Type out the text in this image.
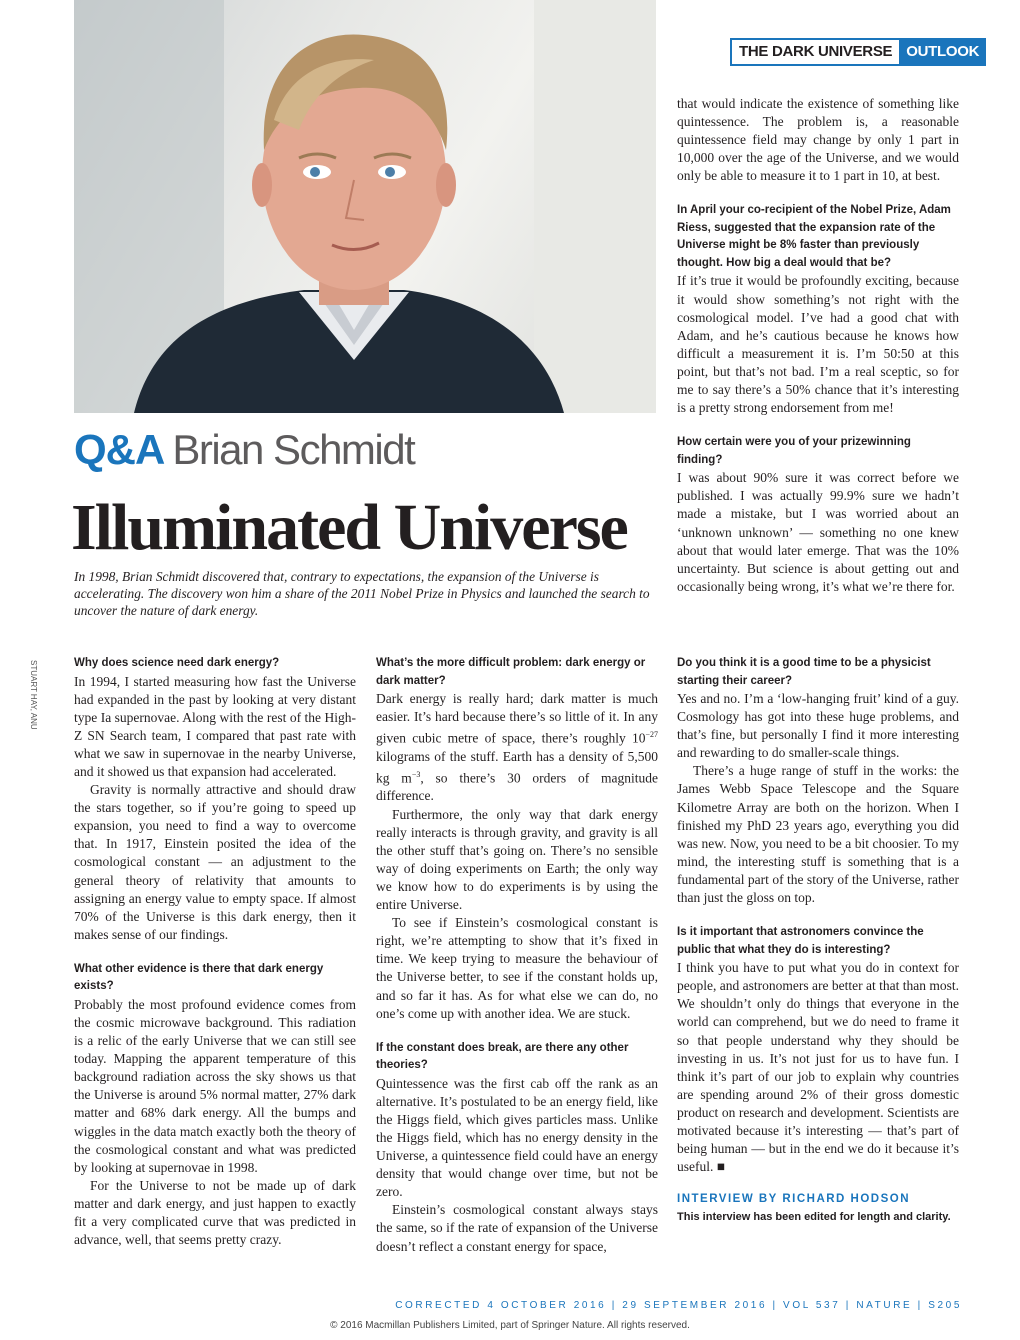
THE DARK UNIVERSE OUTLOOK
Q&A Brian Schmidt
Illuminated Universe
In 1998, Brian Schmidt discovered that, contrary to expectations, the expansion of the Universe is accelerating. The discovery won him a share of the 2011 Nobel Prize in Physics and launched the search to uncover the nature of dark energy.
STUART HAY, ANU	Why does science need dark energy?

In 1994, I started measuring how fast the Universe had expanded in the past by looking at very distant type Ia supernovae. Along with the rest of the High-Z SN Search team, I compared that past rate with what we saw in supernovae in the nearby Universe, and it showed us that expansion had accelerated.

Gravity is normally attractive and should draw the stars together, so if you’re going to speed up expansion, you need to find a way to overcome that. In 1917, Einstein posited the idea of the cosmological constant — an adjustment to the general theory of relativity that amounts to assigning an energy value to empty space. If almost 70% of the Universe is this dark energy, then it makes sense of our findings.

What other evidence is there that dark energy exists?

Probably the most profound evidence comes from the cosmic microwave background. This radiation is a relic of the early Universe that we can still see today. Mapping the apparent temperature of this background radiation across the sky shows us that the Universe is around 5% normal matter, 27% dark matter and 68% dark energy. All the bumps and wiggles in the data match exactly both the theory of the cosmological constant and what was predicted by looking at supernovae in 1998.

For the Universe to not be made up of dark matter and dark energy, and just happen to exactly fit a very complicated curve that was predicted in advance, well, that seems pretty crazy.

What’s the more difficult problem: dark energy or dark matter?

Dark energy is really hard; dark matter is much easier. It’s hard because there’s so little of it. In any given cubic metre of space, there’s roughly $10^{-27}$ kilograms of the stuff. Earth has a density of 5,500 kg $m^{-3}$, so there’s 30 orders of magnitude difference.

Furthermore, the only way that dark energy really interacts is through gravity, and gravity is all the other stuff that’s going on. There’s no sensible way of doing experiments on Earth; the only way we know how to do experiments is by using the entire Universe.

To see if Einstein’s cosmological constant is right, we’re attempting to show that it’s fixed in time. We keep trying to measure the behaviour of the Universe better, to see if the constant holds up, and so far it has. As for what else we can do, no one’s come up with another idea. We are stuck.

If the constant does break, are there any other theories?

Quintessence was the first cab off the rank as an alternative. It’s postulated to be an energy field, like the Higgs field, which gives particles mass. Unlike the Higgs field, which has no energy density in the Universe, a quintessence field could have an energy density that would change over time, but not be zero.

Einstein’s cosmological constant always stays the same, so if the rate of expansion of the Universe doesn’t reflect a constant energy for space,

that would indicate the existence of something like quintessence. The problem is, a reasonable quintessence field may change by only 1 part in 10,000 over the age of the Universe, and we would only be able to measure it to 1 part in 10, at best.

In April your co-recipient of the Nobel Prize, Adam Riess, suggested that the expansion rate of the Universe might be 8% faster than previously thought. How big a deal would that be?

If it’s true it would be profoundly exciting, because it would show something’s not right with the cosmological model. I’ve had a good chat with Adam, and he’s cautious because he knows how difficult a measurement it is. I’m 50:50 at this point, but that’s not bad. I’m a real sceptic, so for me to say there’s a 50% chance that it’s interesting is a pretty strong endorsement from me!

How certain were you of your prizewinning finding?

I was about 90% sure it was correct before we published. I was actually 99.9% sure we hadn’t made a mistake, but I was worried about an ‘unknown unknown’ — something no one knew about that would later emerge. That was the 10% uncertainty. But science is about getting out and occasionally being wrong, it’s what we’re there for.

Do you think it is a good time to be a physicist starting their career?

Yes and no. I’m a ‘low-hanging fruit’ kind of a guy. Cosmology has got into these huge problems, and that’s fine, but personally I find it more interesting and rewarding to do smaller-scale things.

There’s a huge range of stuff in the works: the James Webb Space Telescope and the Square Kilometre Array are both on the horizon. When I finished my PhD 23 years ago, everything you did was new. Now, you need to be a bit choosier. To my mind, the interesting stuff is something that is a fundamental part of the story of the Universe, rather than just the gloss on top.

Is it important that astronomers convince the public that what they do is interesting?

I think you have to put what you do in context for people, and astronomers are better at that than most. We shouldn’t only do things that everyone in the world can comprehend, but we do need to frame it so that people understand why they should be investing in us. It’s not just for us to have fun. I think it’s part of our job to explain why countries are spending around 2% of their gross domestic product on research and development. Scientists are motivated because it’s interesting — that’s part of being human — but in the end we do it because it’s useful. ■

INTERVIEW BY RICHARD HODSON

This interview has been edited for length and clarity.

CORRECTED 4 OCTOBER 2016 | 29 SEPTEMBER 2016 | VOL 537 | NATURE | S205
© 2016 Macmillan Publishers Limited, part of Springer Nature. All rights reserved.
